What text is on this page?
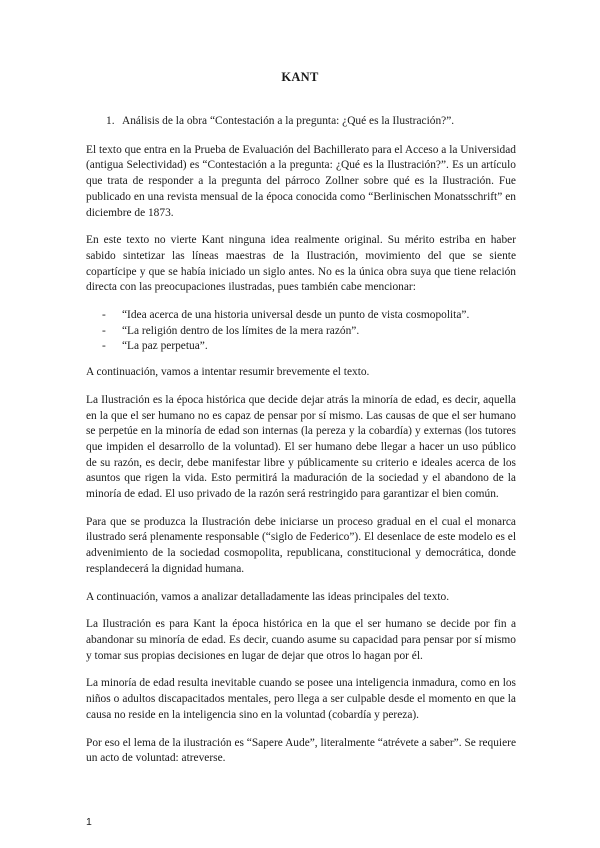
KANT
1. Análisis de la obra “Contestación a la pregunta: ¿Qué es la Ilustración?”.

El texto que entra en la Prueba de Evaluación del Bachillerato para el Acceso a la Universidad (antigua Selectividad) es “Contestación a la pregunta: ¿Qué es la Ilustración?”. Es un artículo que trata de responder a la pregunta del párroco Zollner sobre qué es la Ilustración. Fue publicado en una revista mensual de la época conocida como “Berlinischen Monatsschrift” en diciembre de 1873.

En este texto no vierte Kant ninguna idea realmente original. Su mérito estriba en haber sabido sintetizar las líneas maestras de la Ilustración, movimiento del que se siente copartícipe y que se había iniciado un siglo antes. No es la única obra suya que tiene relación directa con las preocupaciones ilustradas, pues también cabe mencionar:

- “Idea acerca de una historia universal desde un punto de vista cosmopolita”.
- “La religión dentro de los límites de la mera razón”.
- “La paz perpetua”.

A continuación, vamos a intentar resumir brevemente el texto.

La Ilustración es la época histórica que decide dejar atrás la minoría de edad, es decir, aquella en la que el ser humano no es capaz de pensar por sí mismo. Las causas de que el ser humano se perpetúe en la minoría de edad son internas (la pereza y la cobardía) y externas (los tutores que impiden el desarrollo de la voluntad). El ser humano debe llegar a hacer un uso público de su razón, es decir, debe manifestar libre y públicamente su criterio e ideales acerca de los asuntos que rigen la vida. Esto permitirá la maduración de la sociedad y el abandono de la minoría de edad. El uso privado de la razón será restringido para garantizar el bien común.

Para que se produzca la Ilustración debe iniciarse un proceso gradual en el cual el monarca ilustrado será plenamente responsable (“siglo de Federico”). El desenlace de este modelo es el advenimiento de la sociedad cosmopolita, republicana, constitucional y democrática, donde resplandecerá la dignidad humana.

A continuación, vamos a analizar detalladamente las ideas principales del texto.

La Ilustración es para Kant la época histórica en la que el ser humano se decide por fin a abandonar su minoría de edad. Es decir, cuando asume su capacidad para pensar por sí mismo y tomar sus propias decisiones en lugar de dejar que otros lo hagan por él.

La minoría de edad resulta inevitable cuando se posee una inteligencia inmadura, como en los niños o adultos discapacitados mentales, pero llega a ser culpable desde el momento en que la causa no reside en la inteligencia sino en la voluntad (cobardía y pereza).

Por eso el lema de la ilustración es “Sapere Aude”, literalmente “atrévete a saber”. Se requiere un acto de voluntad: atreverse.

1
